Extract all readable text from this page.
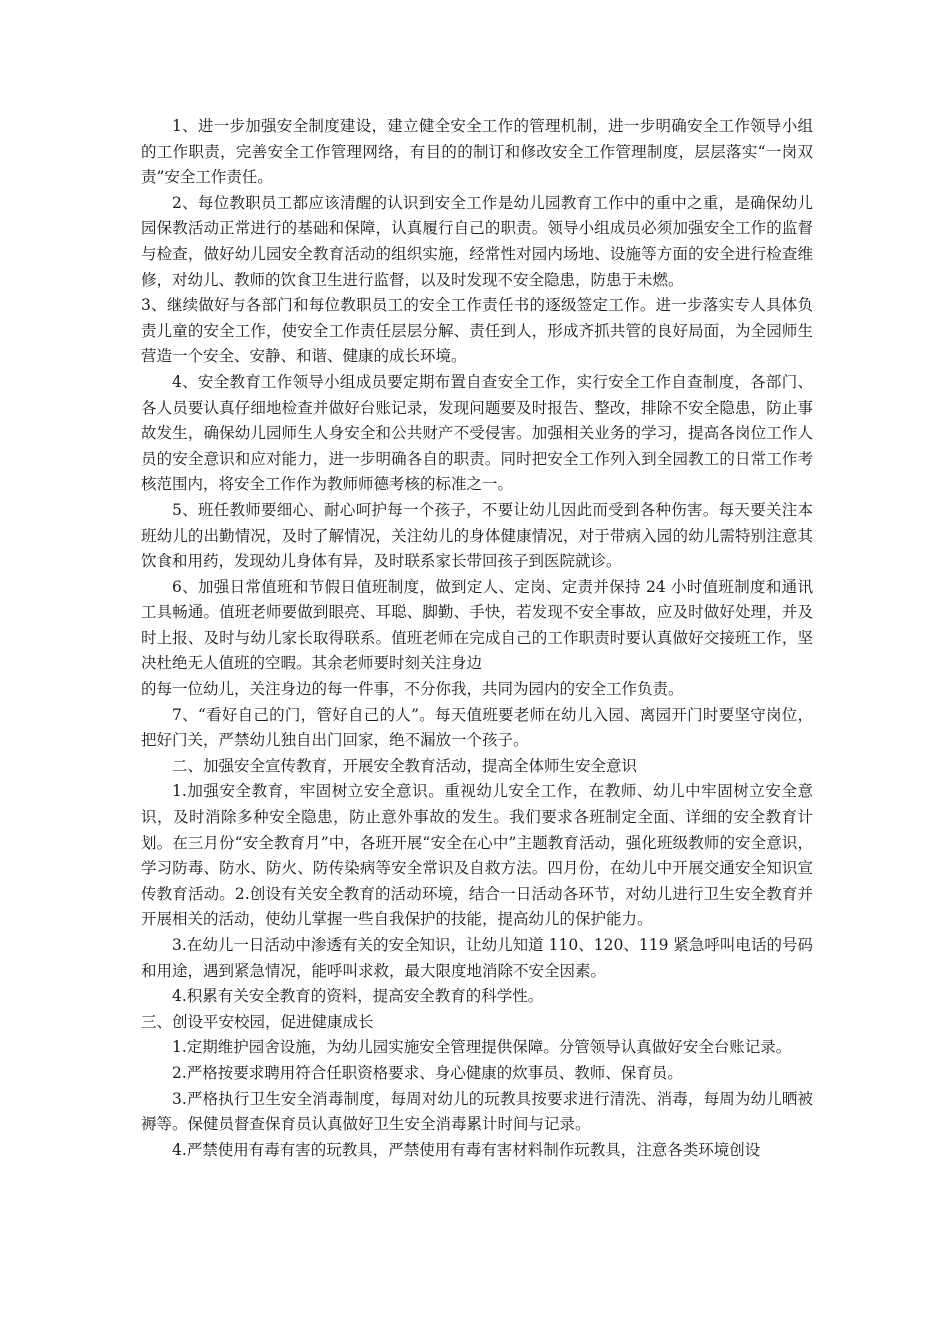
1、进一步加强安全制度建设，建立健全安全工作的管理机制，进一步明确安全工作领导小组的工作职责，完善安全工作管理网络，有目的的制订和修改安全工作管理制度，层层落实“一岗双责”安全工作责任。

2、每位教职员工都应该清醒的认识到安全工作是幼儿园教育工作中的重中之重，是确保幼儿园保教活动正常进行的基础和保障，认真履行自己的职责。领导小组成员必须加强安全工作的监督与检查，做好幼儿园安全教育活动的组织实施，经常性对园内场地、设施等方面的安全进行检查维修，对幼儿、教师的饮食卫生进行监督，以及时发现不安全隐患，防患于未燃。

3、继续做好与各部门和每位教职员工的安全工作责任书的逐级签定工作。进一步落实专人具体负责儿童的安全工作，使安全工作责任层层分解、责任到人，形成齐抓共管的良好局面，为全园师生营造一个安全、安静、和谐、健康的成长环境。

4、安全教育工作领导小组成员要定期布置自查安全工作，实行安全工作自查制度，各部门、各人员要认真仔细地检查并做好台账记录，发现问题要及时报告、整改，排除不安全隐患，防止事故发生，确保幼儿园师生人身安全和公共财产不受侵害。加强相关业务的学习，提高各岗位工作人员的安全意识和应对能力，进一步明确各自的职责。同时把安全工作列入到全园教工的日常工作考核范围内，将安全工作作为教师师德考核的标准之一。

5、班任教师要细心、耐心呵护每一个孩子，不要让幼儿因此而受到各种伤害。每天要关注本班幼儿的出勤情况，及时了解情况，关注幼儿的身体健康情况，对于带病入园的幼儿需特别注意其饮食和用药，发现幼儿身体有异，及时联系家长带回孩子到医院就诊。

6、加强日常值班和节假日值班制度，做到定人、定岗、定责并保持 24 小时值班制度和通讯工具畅通。值班老师要做到眼亮、耳聪、脚勤、手快，若发现不安全事故，应及时做好处理，并及时上报、及时与幼儿家长取得联系。值班老师在完成自己的工作职责时要认真做好交接班工作，坚决杜绝无人值班的空暇。其余老师要时刻关注身边

的每一位幼儿，关注身边的每一件事，不分你我，共同为园内的安全工作负责。

7、“看好自己的门，管好自己的人”。每天值班要老师在幼儿入园、离园开门时要坚守岗位，把好门关，严禁幼儿独自出门回家，绝不漏放一个孩子。

二、加强安全宣传教育，开展安全教育活动，提高全体师生安全意识

1.加强安全教育，牢固树立安全意识。重视幼儿安全工作，在教师、幼儿中牢固树立安全意识，及时消除多种安全隐患，防止意外事故的发生。我们要求各班制定全面、详细的安全教育计划。在三月份“安全教育月”中，各班开展“安全在心中”主题教育活动，强化班级教师的安全意识，学习防毒、防水、防火、防传染病等安全常识及自救方法。四月份，在幼儿中开展交通安全知识宣传教育活动。2.创设有关安全教育的活动环境，结合一日活动各环节，对幼儿进行卫生安全教育并开展相关的活动，使幼儿掌握一些自我保护的技能，提高幼儿的保护能力。

3.在幼儿一日活动中渗透有关的安全知识，让幼儿知道 110、120、119 紧急呼叫电话的号码和用途，遇到紧急情况，能呼叫求救，最大限度地消除不安全因素。

4.积累有关安全教育的资料，提高安全教育的科学性。

三、创设平安校园，促进健康成长

1.定期维护园舍设施，为幼儿园实施安全管理提供保障。分管领导认真做好安全台账记录。

2.严格按要求聘用符合任职资格要求、身心健康的炊事员、教师、保育员。

3.严格执行卫生安全消毒制度，每周对幼儿的玩教具按要求进行清洗、消毒，每周为幼儿晒被褥等。保健员督查保育员认真做好卫生安全消毒累计时间与记录。

4.严禁使用有毒有害的玩教具，严禁使用有毒有害材料制作玩教具，注意各类环境创设
